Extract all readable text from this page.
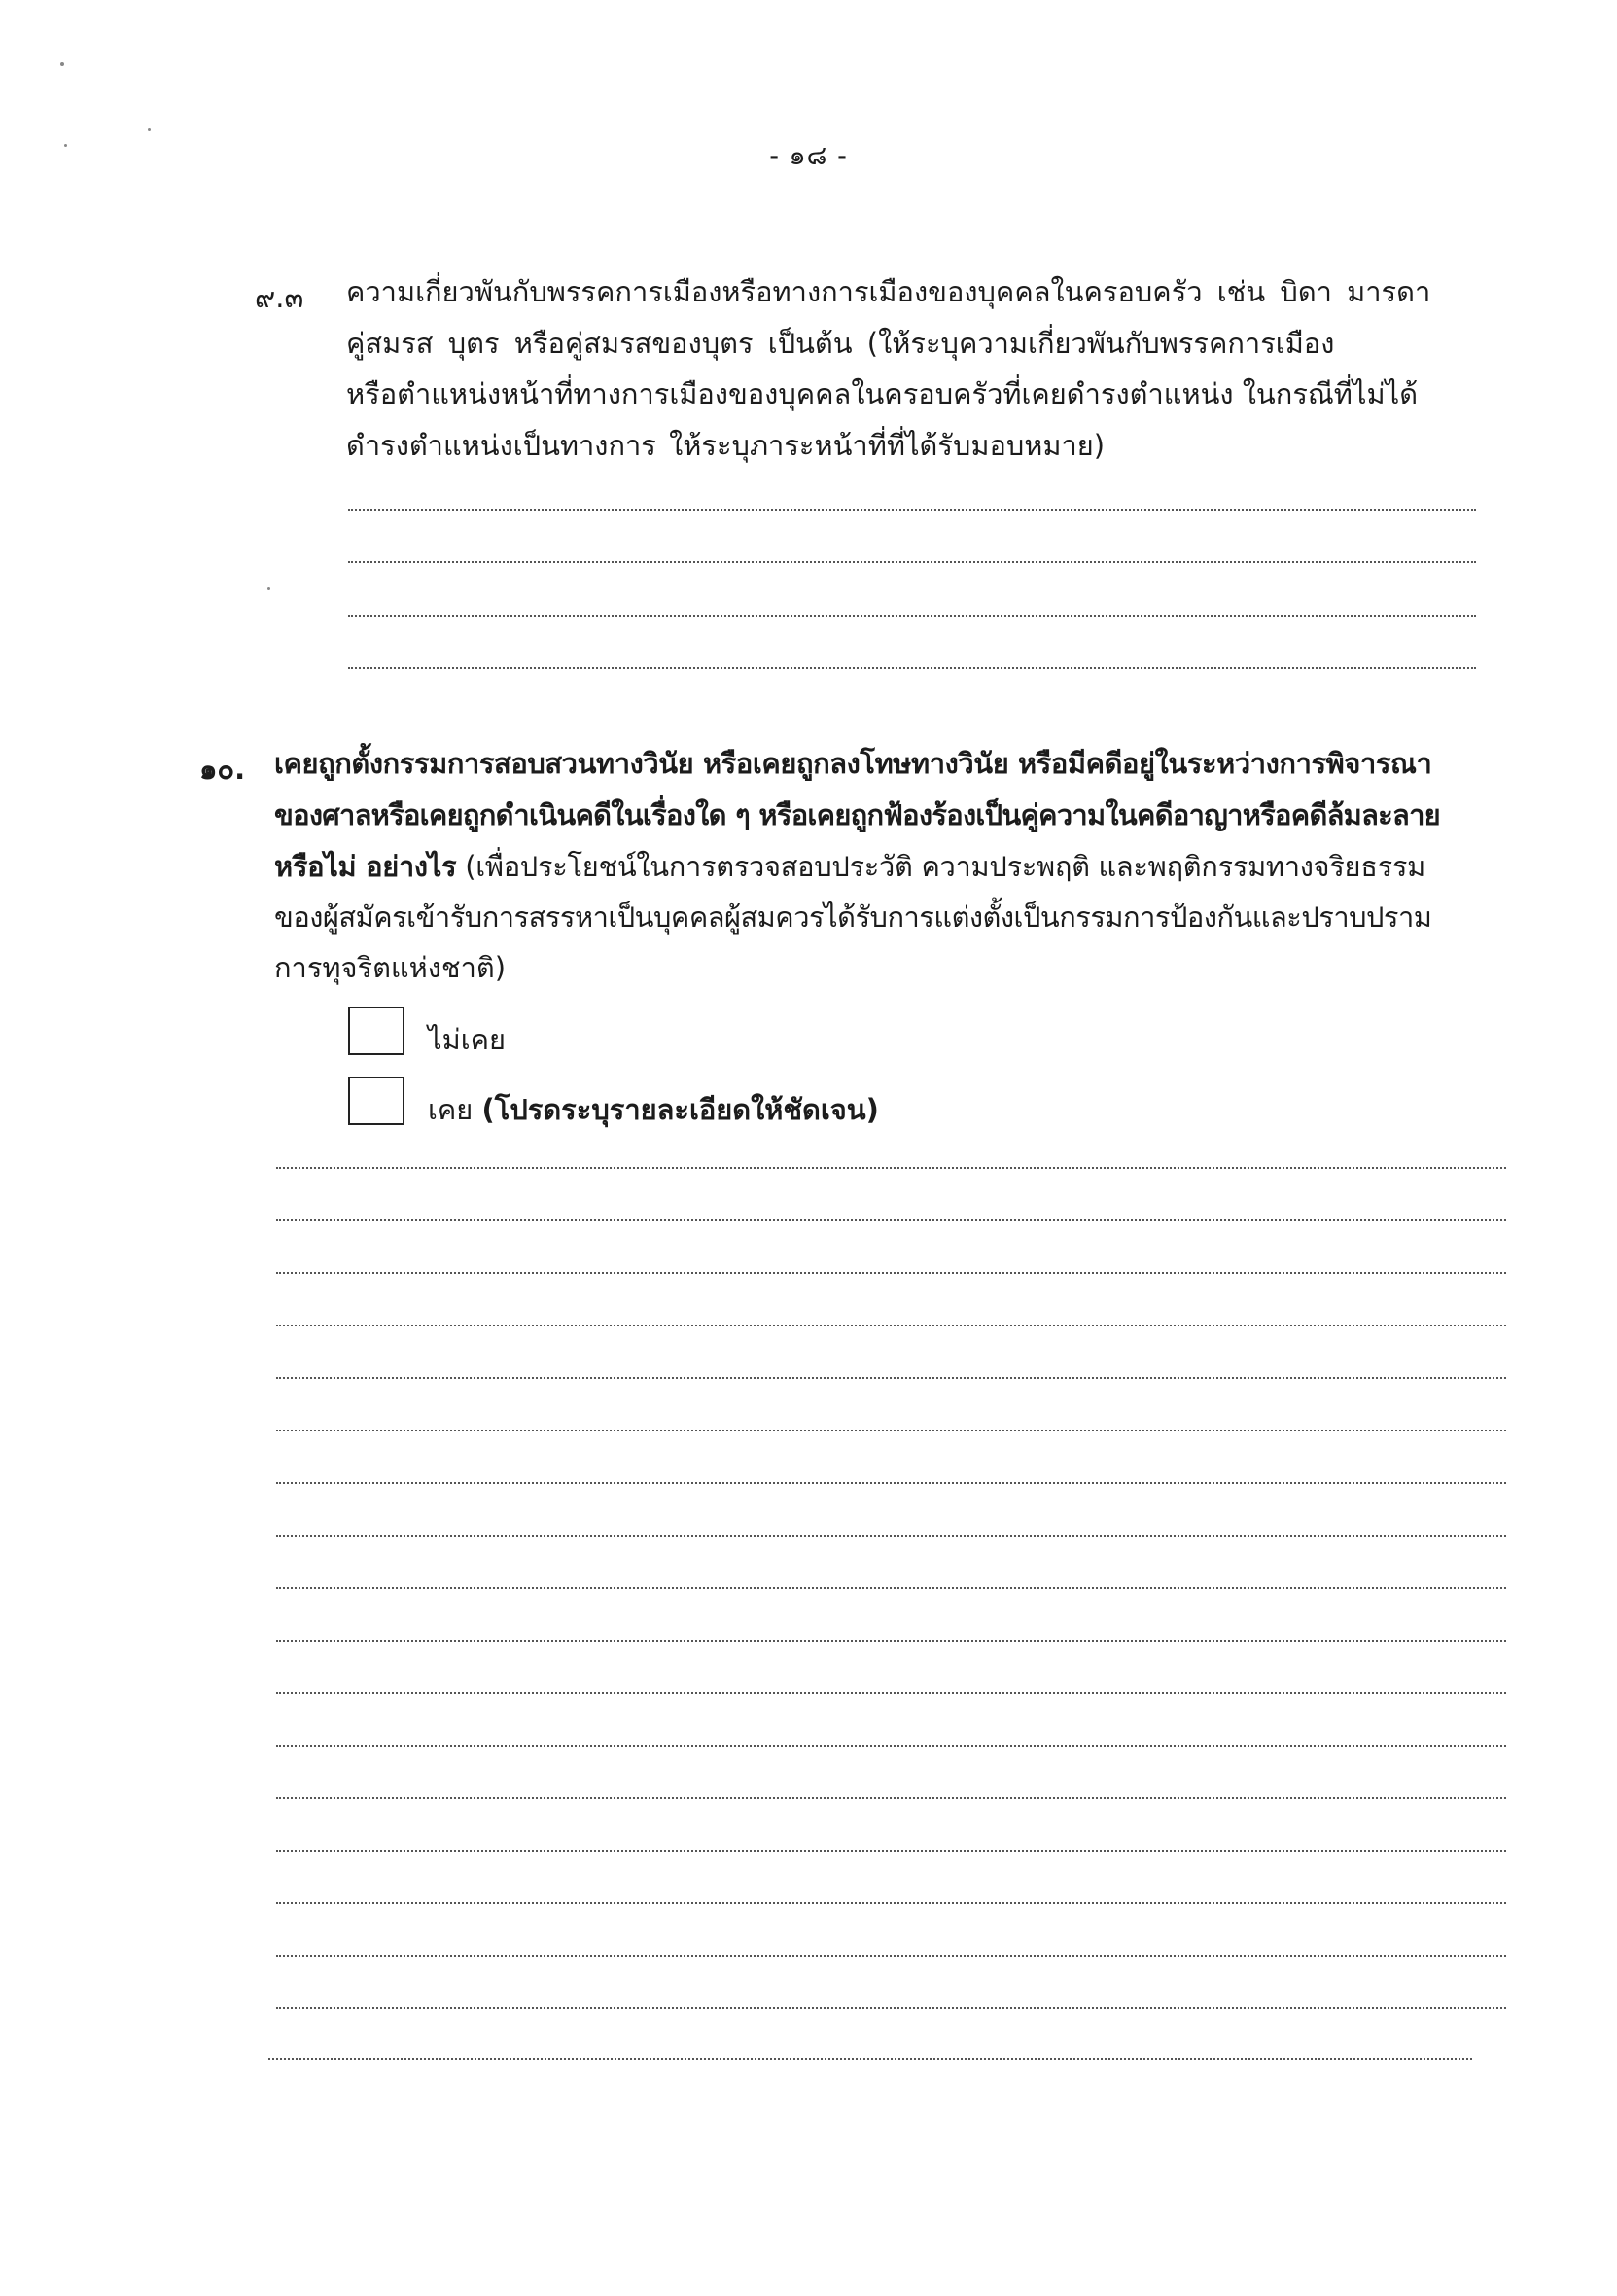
- ๑๘ -
๙.๓ ความเกี่ยวพันกับพรรคการเมืองหรือทางการเมืองของบุคคลในครอบครัว เช่น บิดา มารดา
คู่สมรส บุตร หรือคู่สมรสของบุตร เป็นต้น (ให้ระบุความเกี่ยวพันกับพรรคการเมือง
หรือตำแหน่งหน้าที่ทางการเมืองของบุคคลในครอบครัวที่เคยดำรงตำแหน่ง ในกรณีที่ไม่ได้
ดำรงตำแหน่งเป็นทางการ ให้ระบุภาระหน้าที่ที่ได้รับมอบหมาย)
๑๐. เคยถูกตั้งกรรมการสอบสวนทางวินัย หรือเคยถูกลงโทษทางวินัย หรือมีคดีอยู่ในระหว่างการพิจารณา
ของศาลหรือเคยถูกดำเนินคดีในเรื่องใด ๆ หรือเคยถูกฟ้องร้องเป็นคู่ความในคดีอาญาหรือคดีล้มละลาย
หรือไม่ อย่างไร (เพื่อประโยชน์ในการตรวจสอบประวัติ ความประพฤติ และพฤติกรรมทางจริยธรรม
ของผู้สมัครเข้ารับการสรรหาเป็นบุคคลผู้สมควรได้รับการแต่งตั้งเป็นกรรมการป้องกันและปราบปราม
การทุจริตแห่งชาติ)
ไม่เคย
เคย (โปรดระบุรายละเอียดให้ชัดเจน)
